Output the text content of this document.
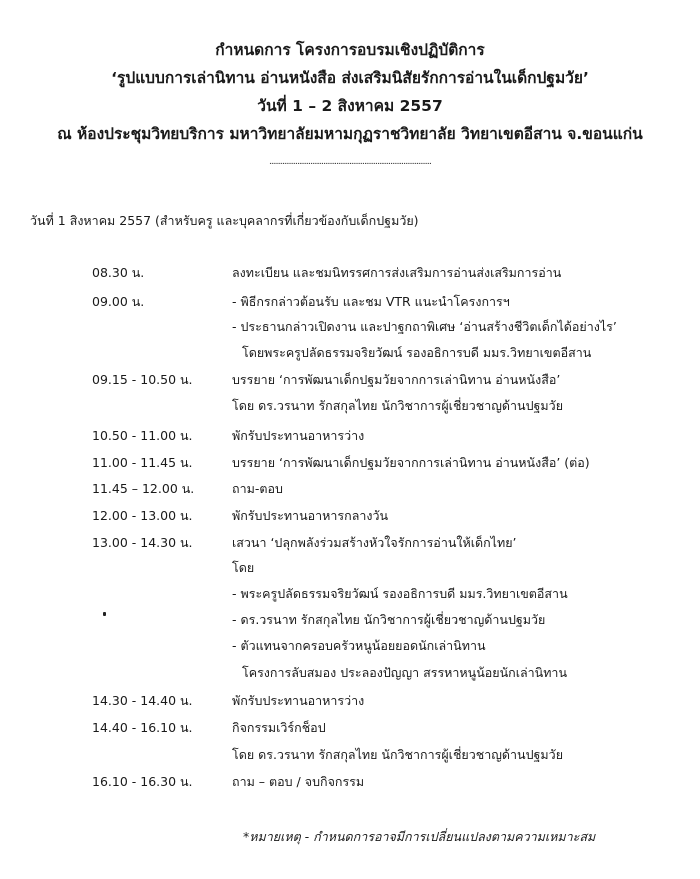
กำหนดการ โครงการอบรมเชิงปฏิบัติการ
‘รูปแบบการเล่านิทาน อ่านหนังสือ ส่งเสริมนิสัยรักการอ่านในเด็กปฐมวัย’
วันที่ 1 – 2 สิงหาคม 2557
ณ ห้องประชุมวิทยบริการ มหาวิทยาลัยมหามกุฏราชวิทยาลัย วิทยาเขตอีสาน จ.ขอนแก่น
.......................................................................................
วันที่ 1 สิงหาคม 2557 (สำหรับครู และบุคลากรที่เกี่ยวข้องกับเด็กปฐมวัย)
08.30 น.	ลงทะเบียน และชมนิทรรศการส่งเสริมการอ่านส่งเสริมการอ่าน
09.00 น.	- พิธีกรกล่าวต้อนรับ และชม VTR แนะนำโครงการฯ
- ประธานกล่าวเปิดงาน และปาฐกถาพิเศษ ‘อ่านสร้างชีวิตเด็กได้อย่างไร’
โดยพระครูปลัดธรรมจริยวัฒน์ รองอธิการบดี มมร.วิทยาเขตอีสาน
09.15 - 10.50 น.	บรรยาย ‘การพัฒนาเด็กปฐมวัยจากการเล่านิทาน อ่านหนังสือ’
โดย ดร.วรนาท รักสกุลไทย นักวิชาการผู้เชี่ยวชาญด้านปฐมวัย
10.50 - 11.00 น.	พักรับประทานอาหารว่าง
11.00 - 11.45 น.	บรรยาย ‘การพัฒนาเด็กปฐมวัยจากการเล่านิทาน อ่านหนังสือ’ (ต่อ)
11.45 – 12.00 น.	ถาม-ตอบ
12.00 - 13.00 น.	พักรับประทานอาหารกลางวัน
13.00 - 14.30 น.	เสวนา ‘ปลุกพลังร่วมสร้างหัวใจรักการอ่านให้เด็กไทย’
โดย
- พระครูปลัดธรรมจริยวัฒน์ รองอธิการบดี มมร.วิทยาเขตอีสาน
- ดร.วรนาท รักสกุลไทย นักวิชาการผู้เชี่ยวชาญด้านปฐมวัย
- ตัวแทนจากครอบครัวหนูน้อยยอดนักเล่านิทาน
โครงการลับสมอง ประลองปัญญา สรรหาหนูน้อยนักเล่านิทาน
14.30 - 14.40 น.	พักรับประทานอาหารว่าง
14.40 - 16.10 น.	กิจกรรมเวิร์กช็อป
โดย ดร.วรนาท รักสกุลไทย นักวิชาการผู้เชี่ยวชาญด้านปฐมวัย
16.10 - 16.30 น.	ถาม – ตอบ / จบกิจกรรม
*หมายเหตุ - กำหนดการอาจมีการเปลี่ยนแปลงตามความเหมาะสม
